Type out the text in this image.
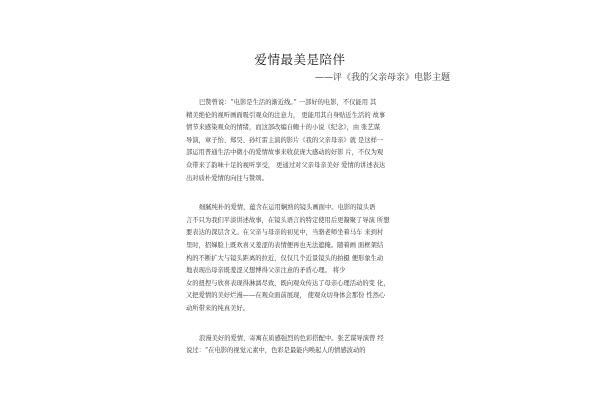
爱情最美是陪伴
——评《我的父亲母亲》电影主题
巴赞曾说：“电影是生活的渐近线。” 一部好的电影，不仅能用 其
精美绝伦的视听画面吸引观众的注意力， 更能用其自身贴近生活的 故事
情节来感染观众的情绪，而这部改编自鲍十的小说《纪念》，由 张艺谋
导演，章子怡、郑昊、孙红雷主演的影片《我的父亲母亲》就 是这样一
部运用普通生活中微小的爱情故事来收获庞大感动的好影 片，不仅为观
众带来了韵味十足的视听享受， 更通过对父亲母亲美好 爱情的讲述表达
出对质朴爱情的向往与赞颂。
细腻纯朴的爱情，蕴含在运用娴熟的镜头画面中。电影的镜头语
言不只为我们平淡讲述故事，在镜头语言的特定使用后更凝聚了导演 所想
要表达的深层含义。在父亲与母亲的初见中，当骆老师坐着马车 来到村
里时，招娣脸上既欢喜又羞涩的表情便再也无法遮掩。随着画 面框架结
构的不断扩大与镜头距离的拉近，仅仅几个近景镜头的拍摄 便形象生动
地表现出母亲既羞涩又想博得父亲注意的矛盾心理。 将少
女的扭捏与欣喜表现得淋漓尽致，既向观众传达了母亲心理活动的变 化，
又把爱情的美好烂漫——在观众面前展现， 使观众切身体会那份 性然心
动所带来的纯真美好。
浪漫美好的爱情，寄寓在质感强烈的色彩搭配中。张艺谋导演曾 经
说过：“在电影的视觉元素中，色彩是最能内唤起人的情感波动的
